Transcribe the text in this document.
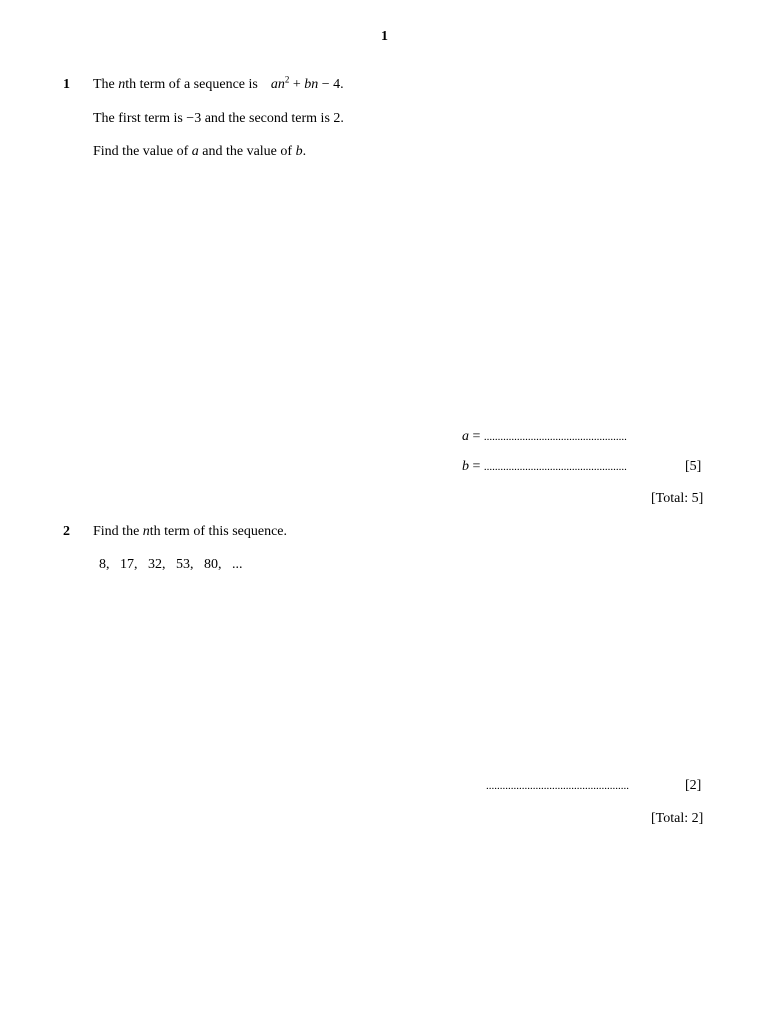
1
1 The nth term of a sequence is $an^2$ + bn − 4.
The first term is −3 and the second term is 2.
Find the value of a and the value of b.
a = ....................................................
b = ....................................................	[5]
[Total: 5]
2 Find the nth term of this sequence.
8,   17,   32,   53,   80,   ...
....................................................	[2]
[Total: 2]
